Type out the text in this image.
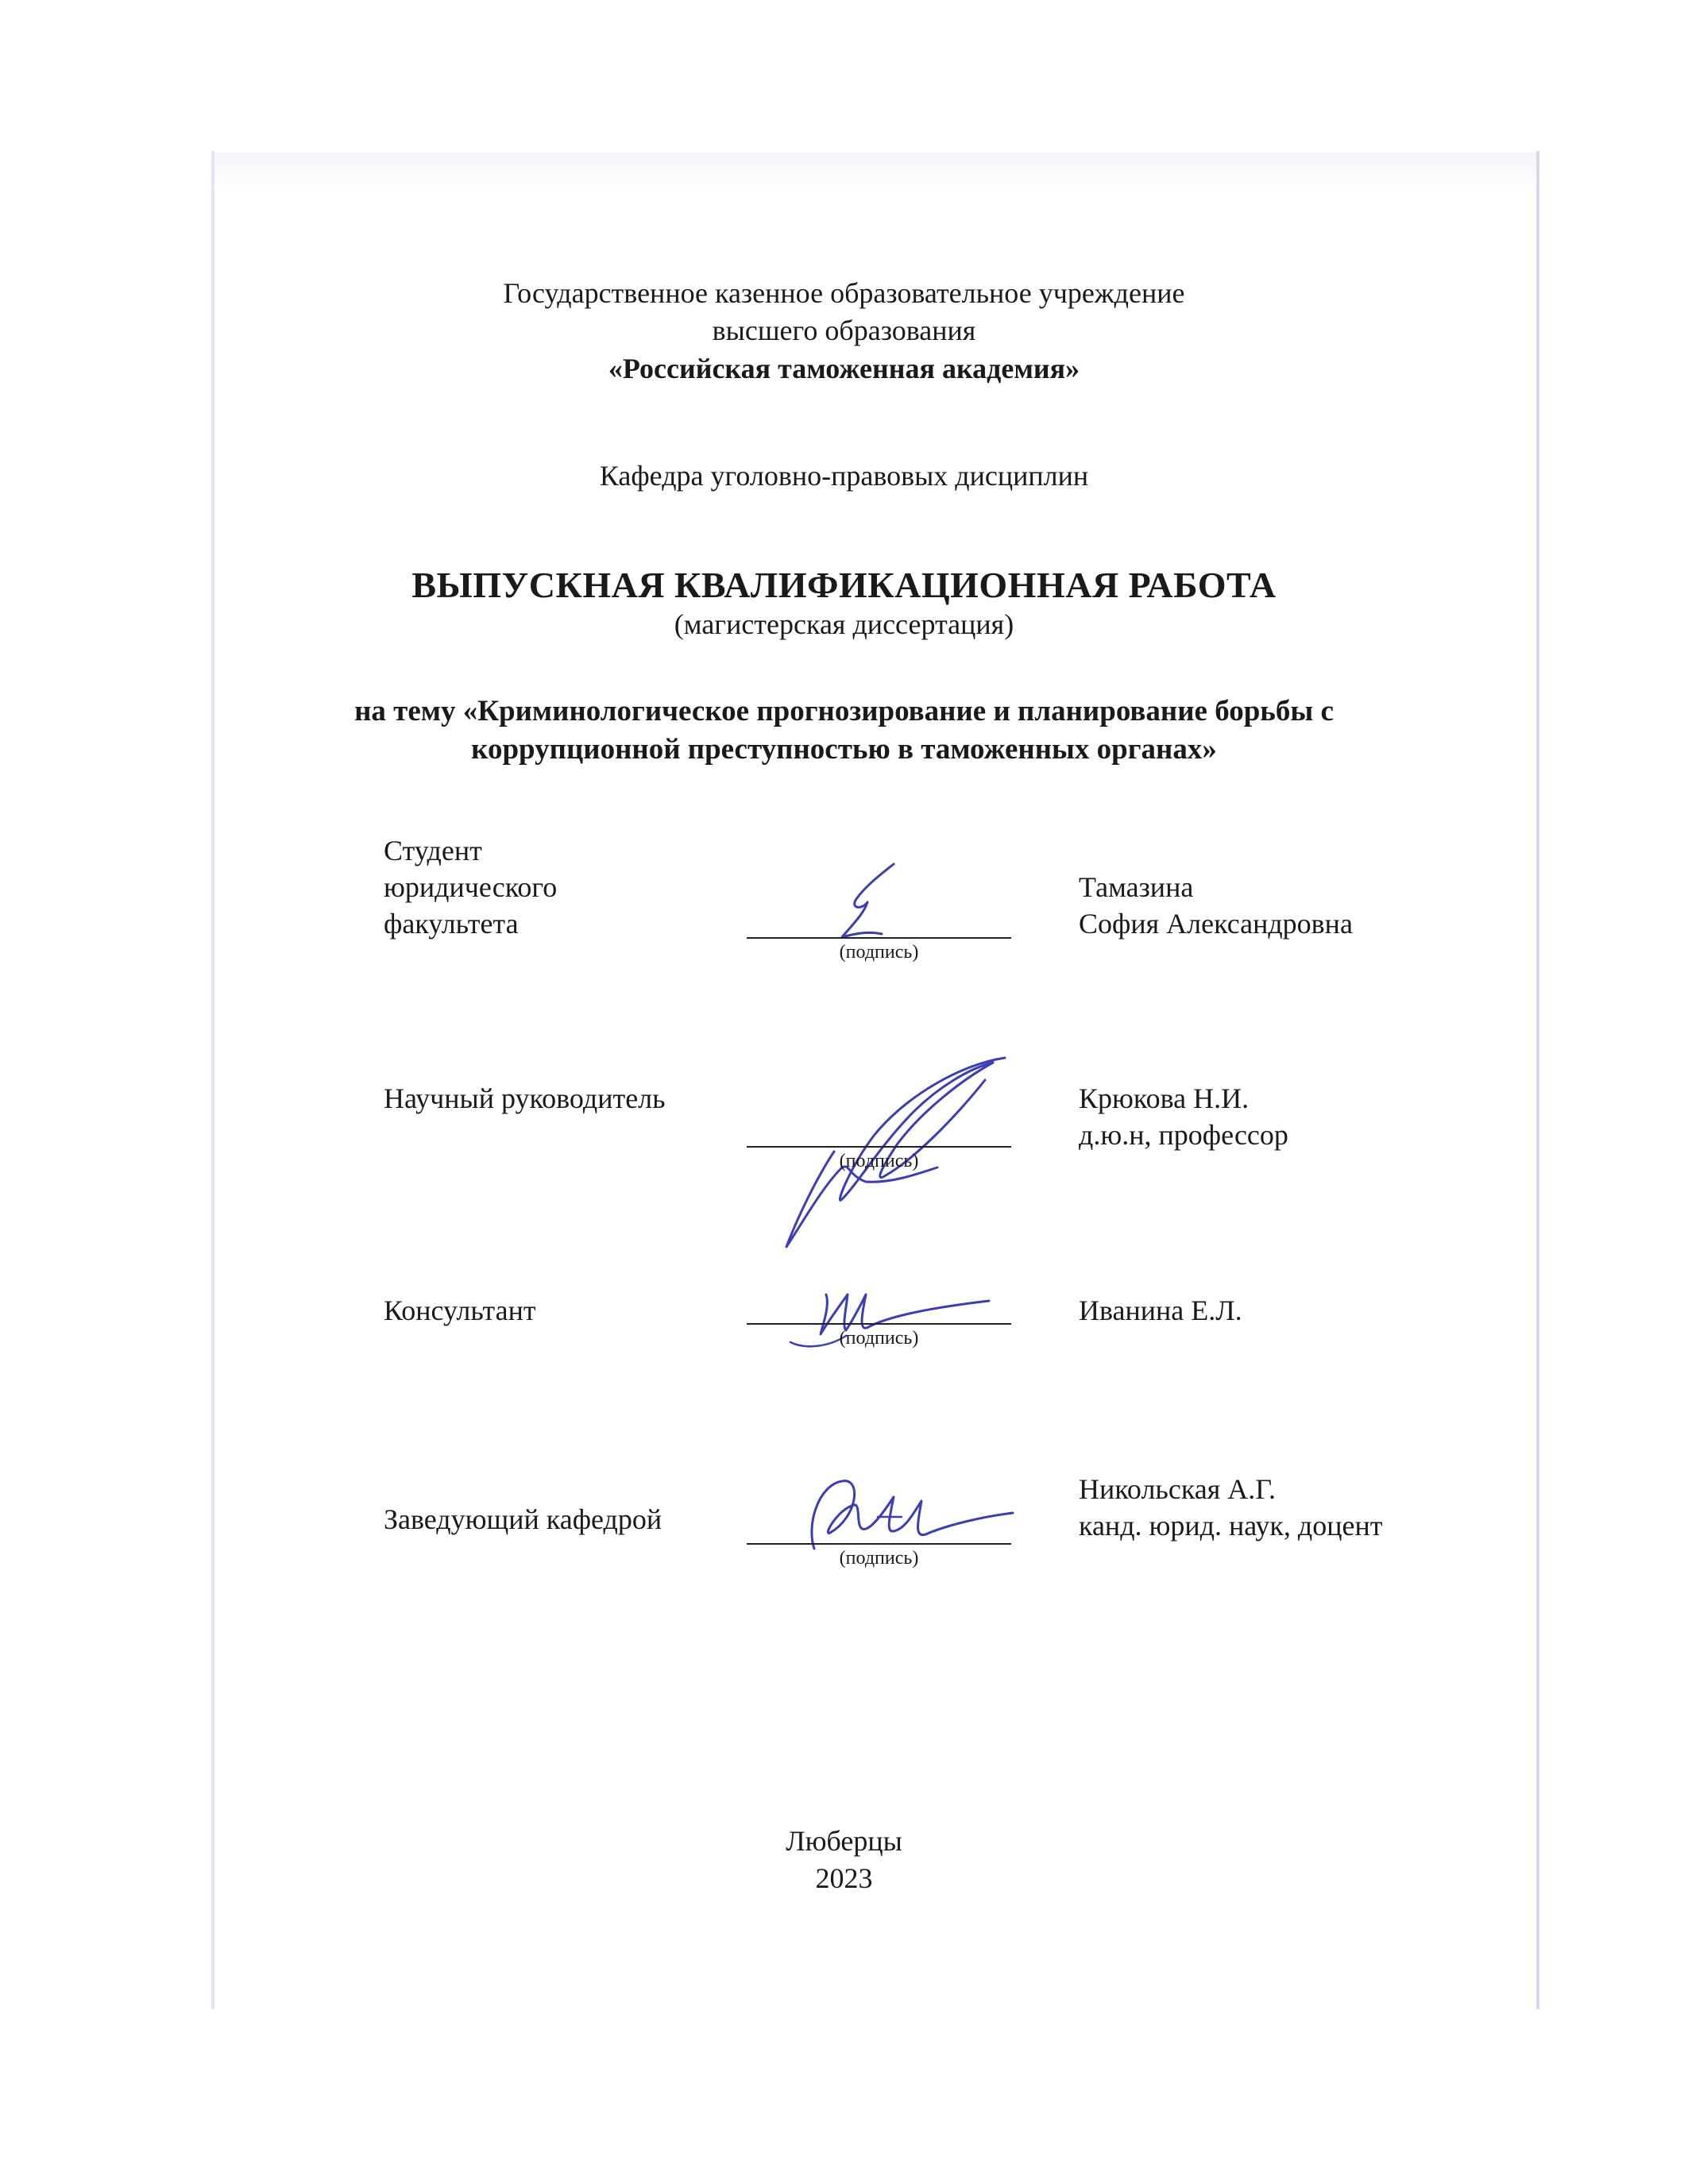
Государственное казенное образовательное учреждение
высшего образования
«Российская таможенная академия»
Кафедра уголовно-правовых дисциплин
ВЫПУСКНАЯ КВАЛИФИКАЦИОННАЯ РАБОТА
(магистерская диссертация)
на тему «Криминологическое прогнозирование и планирование борьбы с
коррупционной преступностью в таможенных органах»
Студент
юридического
факультета
(подпись)
Тамазина
София Александровна
Научный руководитель
(подпись)
Крюкова Н.И.
д.ю.н, профессор
Консультант
(подпись)
Иванина Е.Л.
Заведующий кафедрой
(подпись)
Никольская А.Г.
канд. юрид. наук, доцент
Люберцы
2023
